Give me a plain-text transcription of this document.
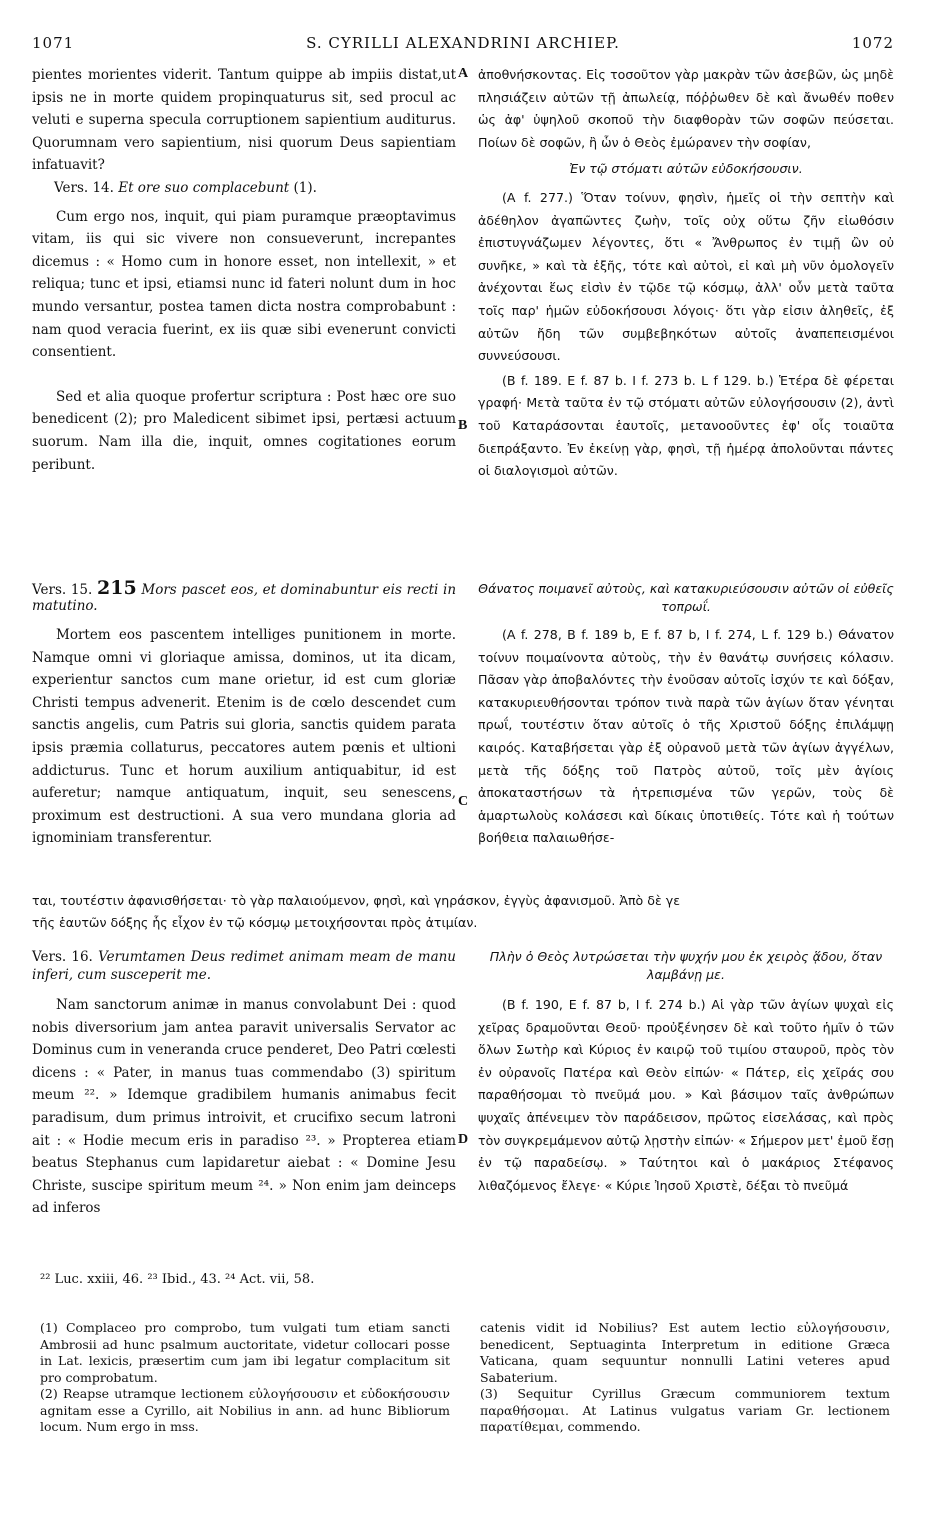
1071	S. CYRILLI ALEXANDRINI ARCHIEP.	1072
A
B
C
D

pientes morientes viderit. Tantum quippe ab impiis distat,ut ipsis ne in morte quidem propinquaturus sit, sed procul ac veluti e superna specula corruptionem sapientium auditurus. Quorumnam vero sapientium, nisi quorum Deus sapientiam infatuavit?

Vers. 14. Et ore suo complacebunt (1).

Cum ergo nos, inquit, qui piam puramque præoptavimus vitam, iis qui sic vivere non consueverunt, increpantes dicemus : « Homo cum in honore esset, non intellexit, » et reliqua; tunc et ipsi, etiamsi nunc id fateri nolunt dum in hoc mundo versantur, postea tamen dicta nostra comprobabunt : nam quod veracia fuerint, ex iis quæ sibi evenerunt convicti consentient.

Sed et alia quoque profertur scriptura : Post hæc ore suo benedicent (2); pro Maledicent sibimet ipsi, pertæsi actuum suorum. Nam illa die, inquit, omnes cogitationes eorum peribunt.

Vers. 15. 215 Mors pascet eos, et dominabuntur eis recti in matutino.

Mortem eos pascentem intelliges punitionem in morte. Namque omni vi gloriaque amissa, dominos, ut ita dicam, experientur sanctos cum mane orietur, id est cum gloriæ Christi tempus advenerit. Etenim is de cœlo descendet cum sanctis angelis, cum Patris sui gloria, sanctis quidem parata ipsis præmia collaturus, peccatores autem pœnis et ultioni addicturus. Tunc et horum auxilium antiquabitur, id est auferetur; namque antiquatum, inquit, seu senescens, proximum est destructioni. A sua vero mundana gloria ad ignominiam transferentur.

Vers. 16. Verumtamen Deus redimet animam meam de manu inferi, cum susceperit me.

Nam sanctorum animæ in manus convolabunt Dei : quod nobis diversorium jam antea paravit universalis Servator ac Dominus cum in veneranda cruce penderet, Deo Patri cœlesti dicens : « Pater, in manus tuas commendabo (3) spiritum meum ²². » Idemque gradibilem humanis animabus fecit paradisum, dum primus introivit, et crucifixo secum latroni ait : « Hodie mecum eris in paradiso ²³. » Propterea etiam beatus Stephanus cum lapidaretur aiebat : « Domine Jesu Christe, suscipe spiritum meum ²⁴. » Non enim jam deinceps ad inferos

ἀποθνήσκοντας. Εἰς τοσοῦτον γὰρ μακρὰν τῶν ἀσεβῶν, ὡς μηδὲ πλησιάζειν αὐτῶν τῇ ἀπωλείᾳ, πόῤῥωθεν δὲ καὶ ἄνωθέν ποθεν ὡς ἀφ' ὑψηλοῦ σκοποῦ τὴν διαφθορὰν τῶν σοφῶν πεύσεται. Ποίων δὲ σοφῶν, ἢ ὧν ὁ Θεὸς ἐμώρανεν τὴν σοφίαν,

Ἐν τῷ στόματι αὐτῶν εὐδοκήσουσιν.

(A f. 277.) Ὅταν τοίνυν, φησὶν, ἡμεῖς οἱ τὴν σεπτὴν καὶ ἀδέθηλον ἀγαπῶντες ζωὴν, τοῖς οὐχ οὕτω ζῆν εἰωθόσιν ἐπιστυγνάζωμεν λέγοντες, ὅτι « Ἄνθρωπος ἐν τιμῇ ὢν οὐ συνῆκε, » καὶ τὰ ἑξῆς, τότε καὶ αὐτοὶ, εἰ καὶ μὴ νῦν ὁμολογεῖν ἀνέχονται ἕως εἰσὶν ἐν τῷδε τῷ κόσμῳ, ἀλλ' οὖν μετὰ ταῦτα τοῖς παρ' ἡμῶν εὐδοκήσουσι λόγοις· ὅτι γὰρ εἰσιν ἀληθεῖς, ἐξ αὐτῶν ἤδη τῶν συμβεβηκότων αὐτοῖς ἀναπεπεισμένοι συννεύσουσι.

(B f. 189. E f. 87 b. I f. 273 b. L f 129. b.) Ἑτέρα δὲ φέρεται γραφή· Μετὰ ταῦτα ἐν τῷ στόματι αὐτῶν εὐλογήσουσιν (2), ἀντὶ τοῦ Καταράσονται ἑαυτοῖς, μετανοοῦντες ἐφ' οἷς τοιαῦτα διεπράξαντο. Ἐν ἐκείνῃ γὰρ, φησὶ, τῇ ἡμέρᾳ ἀπολοῦνται πάντες οἱ διαλογισμοὶ αὐτῶν.

Θάνατος ποιμανεῖ αὐτοὺς, καὶ κατακυριεύσουσιν αὐτῶν οἱ εὐθεῖς τοπρωΐ.

(A f. 278, B f. 189 b, E f. 87 b, I f. 274, L f. 129 b.) Θάνατον τοίνυν ποιμαίνοντα αὐτοὺς, τὴν ἐν θανάτῳ συνήσεις κόλασιν. Πᾶσαν γὰρ ἀποβαλόντες τὴν ἐνοῦσαν αὐτοῖς ἰσχύν τε καὶ δόξαν, κατακυριευθήσονται τρόπον τινὰ παρὰ τῶν ἁγίων ὅταν γένηται πρωΐ, τουτέστιν ὅταν αὐτοῖς ὁ τῆς Χριστοῦ δόξης ἐπιλάμψῃ καιρός. Καταβήσεται γὰρ ἐξ οὐρανοῦ μετὰ τῶν ἁγίων ἀγγέλων, μετὰ τῆς δόξης τοῦ Πατρὸς αὐτοῦ, τοῖς μὲν ἁγίοις ἀποκαταστήσων τὰ ἡτρεπισμένα τῶν γερῶν, τοὺς δὲ ἁμαρτωλοὺς κολάσεσι καὶ δίκαις ὑποτιθείς. Τότε καὶ ἡ τούτων βοήθεια παλαιωθήσε-

ται, τουτέστιν ἀφανισθήσεται· τὸ γὰρ παλαιούμενον, φησὶ, καὶ γηράσκον, ἐγγὺς ἀφανισμοῦ. Ἀπὸ δὲ γε
τῆς ἑαυτῶν δόξης ἧς εἶχον ἐν τῷ κόσμῳ μετοιχήσονται πρὸς ἀτιμίαν.

Πλὴν ὁ Θεὸς λυτρώσεται τὴν ψυχήν μου ἐκ χειρὸς ᾅδου, ὅταν λαμβάνῃ με.

(B f. 190, E f. 87 b, I f. 274 b.) Αἱ γὰρ τῶν ἁγίων ψυχαὶ εἰς χεῖρας δραμοῦνται Θεοῦ· προὐξένησεν δὲ καὶ τοῦτο ἡμῖν ὁ τῶν ὅλων Σωτὴρ καὶ Κύριος ἐν καιρῷ τοῦ τιμίου σταυροῦ, πρὸς τὸν ἐν οὐρανοῖς Πατέρα καὶ Θεὸν εἰπών· « Πάτερ, εἰς χεῖράς σου παραθήσομαι τὸ πνεῦμά μου. » Καὶ βάσιμον ταῖς ἀνθρώπων ψυχαῖς ἀπένειμεν τὸν παράδεισον, πρῶτος εἰσελάσας, καὶ πρὸς τὸν συγκρεμάμενον αὐτῷ λῃστὴν εἰπών· « Σήμερον μετ' ἐμοῦ ἔσῃ ἐν τῷ παραδείσῳ. » Ταύτητοι καὶ ὁ μακάριος Στέφανος λιθαζόμενος ἔλεγε· « Κύριε Ἰησοῦ Χριστὲ, δέξαι τὸ πνεῦμά

²² Luc. xxiii, 46. ²³ Ibid., 43. ²⁴ Act. vii, 58.
(1) Complaceo pro comprobo, tum vulgati tum etiam sancti Ambrosii ad hunc psalmum auctoritate, videtur collocari posse in Lat. lexicis, præsertim cum jam ibi legatur complacitum sit pro comprobatum.
(2) Reapse utramque lectionem εὐλογήσουσιν et εὐδοκήσουσιν agnitam esse a Cyrillo, ait Nobilius in ann. ad hunc Bibliorum locum. Num ergo in mss.
catenis vidit id Nobilius? Est autem lectio εὐλογήσουσιν, benedicent, Septuaginta Interpretum in editione Græca Vaticana, quam sequuntur nonnulli Latini veteres apud Sabaterium.
(3) Sequitur Cyrillus Græcum communiorem textum παραθήσομαι. At Latinus vulgatus variam Gr. lectionem παρατίθεμαι, commendo.
